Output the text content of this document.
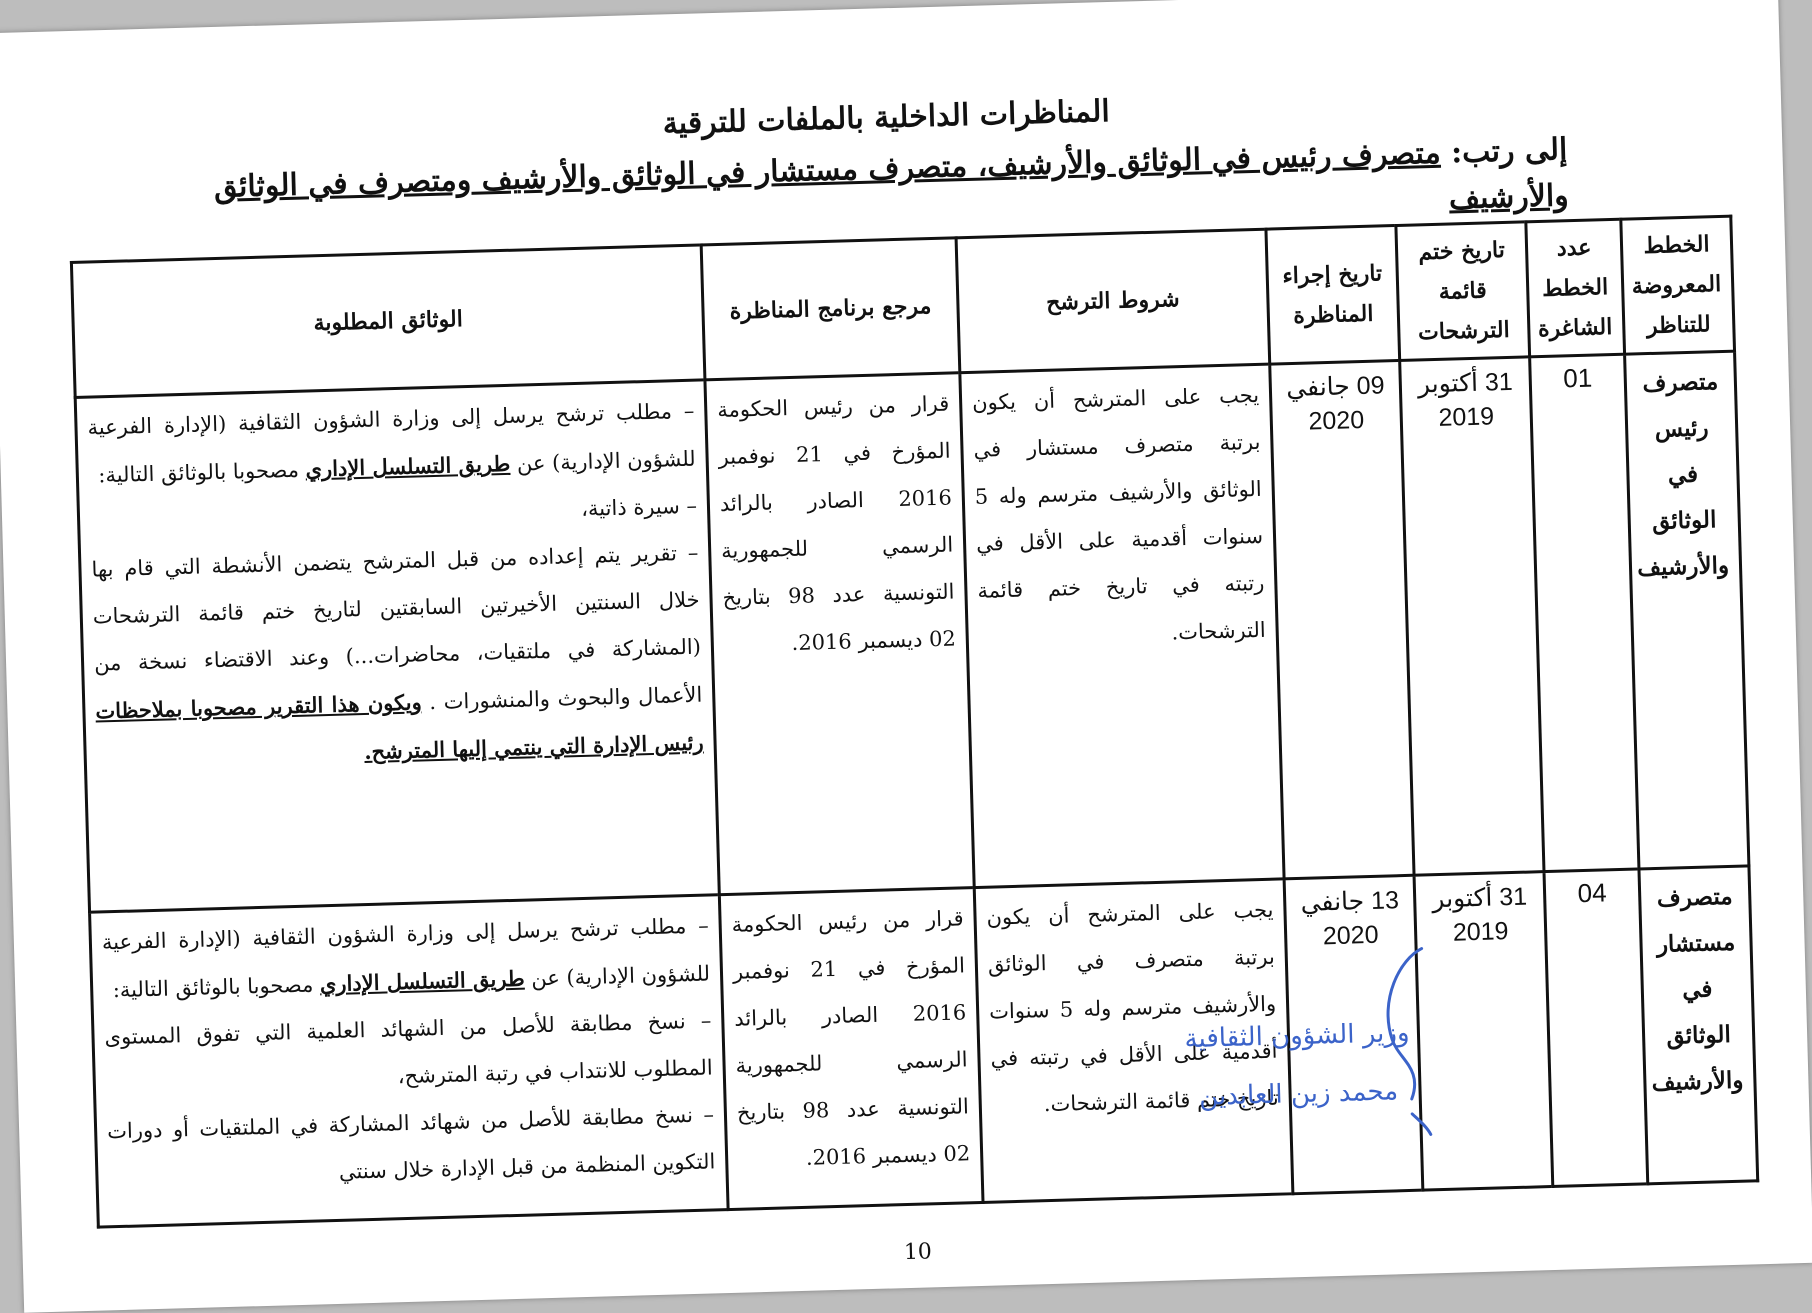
المناظرات الداخلية بالملفات للترقية
إلى رتب: متصرف رئيس في الوثائق والأرشيف، متصرف مستشار في الوثائق والأرشيف ومتصرف في الوثائق والأرشيف
الخطط المعروضة للتناظر	عدد الخطط الشاغرة	تاريخ ختم قائمة الترشحات	تاريخ إجراء المناظرة	شروط الترشح	مرجع برنامج المناظرة	الوثائق المطلوبة
متصرف رئيس في الوثائق والأرشيف	01	31 أكتوبر 2019	09 جانفي 2020	يجب على المترشح أن يكون برتبة متصرف مستشار في الوثائق والأرشيف مترسم وله 5 سنوات أقدمية على الأقل في رتبته في تاريخ ختم قائمة الترشحات.	قرار من رئيس الحكومة المؤرخ في 21 نوفمبر 2016 الصادر بالرائد الرسمي للجمهورية التونسية عدد 98 بتاريخ 02 ديسمبر 2016.	– مطلب ترشح يرسل إلى وزارة الشؤون الثقافية (الإدارة الفرعية للشؤون الإدارية) عن طريق التسلسل الإداري مصحوبا بالوثائق التالية:
– سيرة ذاتية،
– تقرير يتم إعداده من قبل المترشح يتضمن الأنشطة التي قام بها خلال السنتين الأخيرتين السابقتين لتاريخ ختم قائمة الترشحات (المشاركة في ملتقيات، محاضرات...) وعند الاقتضاء نسخة من الأعمال والبحوث والمنشورات . ويكون هذا التقرير مصحوبا بملاحظات رئيس الإدارة التي ينتمي إليها المترشح.

متصرف مستشار في الوثائق والأرشيف	04	31 أكتوبر 2019	13 جانفي 2020	يجب على المترشح أن يكون برتبة متصرف في الوثائق والأرشيف مترسم وله 5 سنوات أقدمية على الأقل في رتبته في تاريخ ختم قائمة الترشحات.	قرار من رئيس الحكومة المؤرخ في 21 نوفمبر 2016 الصادر بالرائد الرسمي للجمهورية التونسية عدد 98 بتاريخ 02 ديسمبر 2016.	– مطلب ترشح يرسل إلى وزارة الشؤون الثقافية (الإدارة الفرعية للشؤون الإدارية) عن طريق التسلسل الإداري مصحوبا بالوثائق التالية:
– نسخ مطابقة للأصل من الشهائد العلمية التي تفوق المستوى المطلوب للانتداب في رتبة المترشح،
– نسخ مطابقة للأصل من شهائد المشاركة في الملتقيات أو دورات التكوين المنظمة من قبل الإدارة خلال سنتي
وزير الشؤون الثقافية
محمد زين العابدين
10
